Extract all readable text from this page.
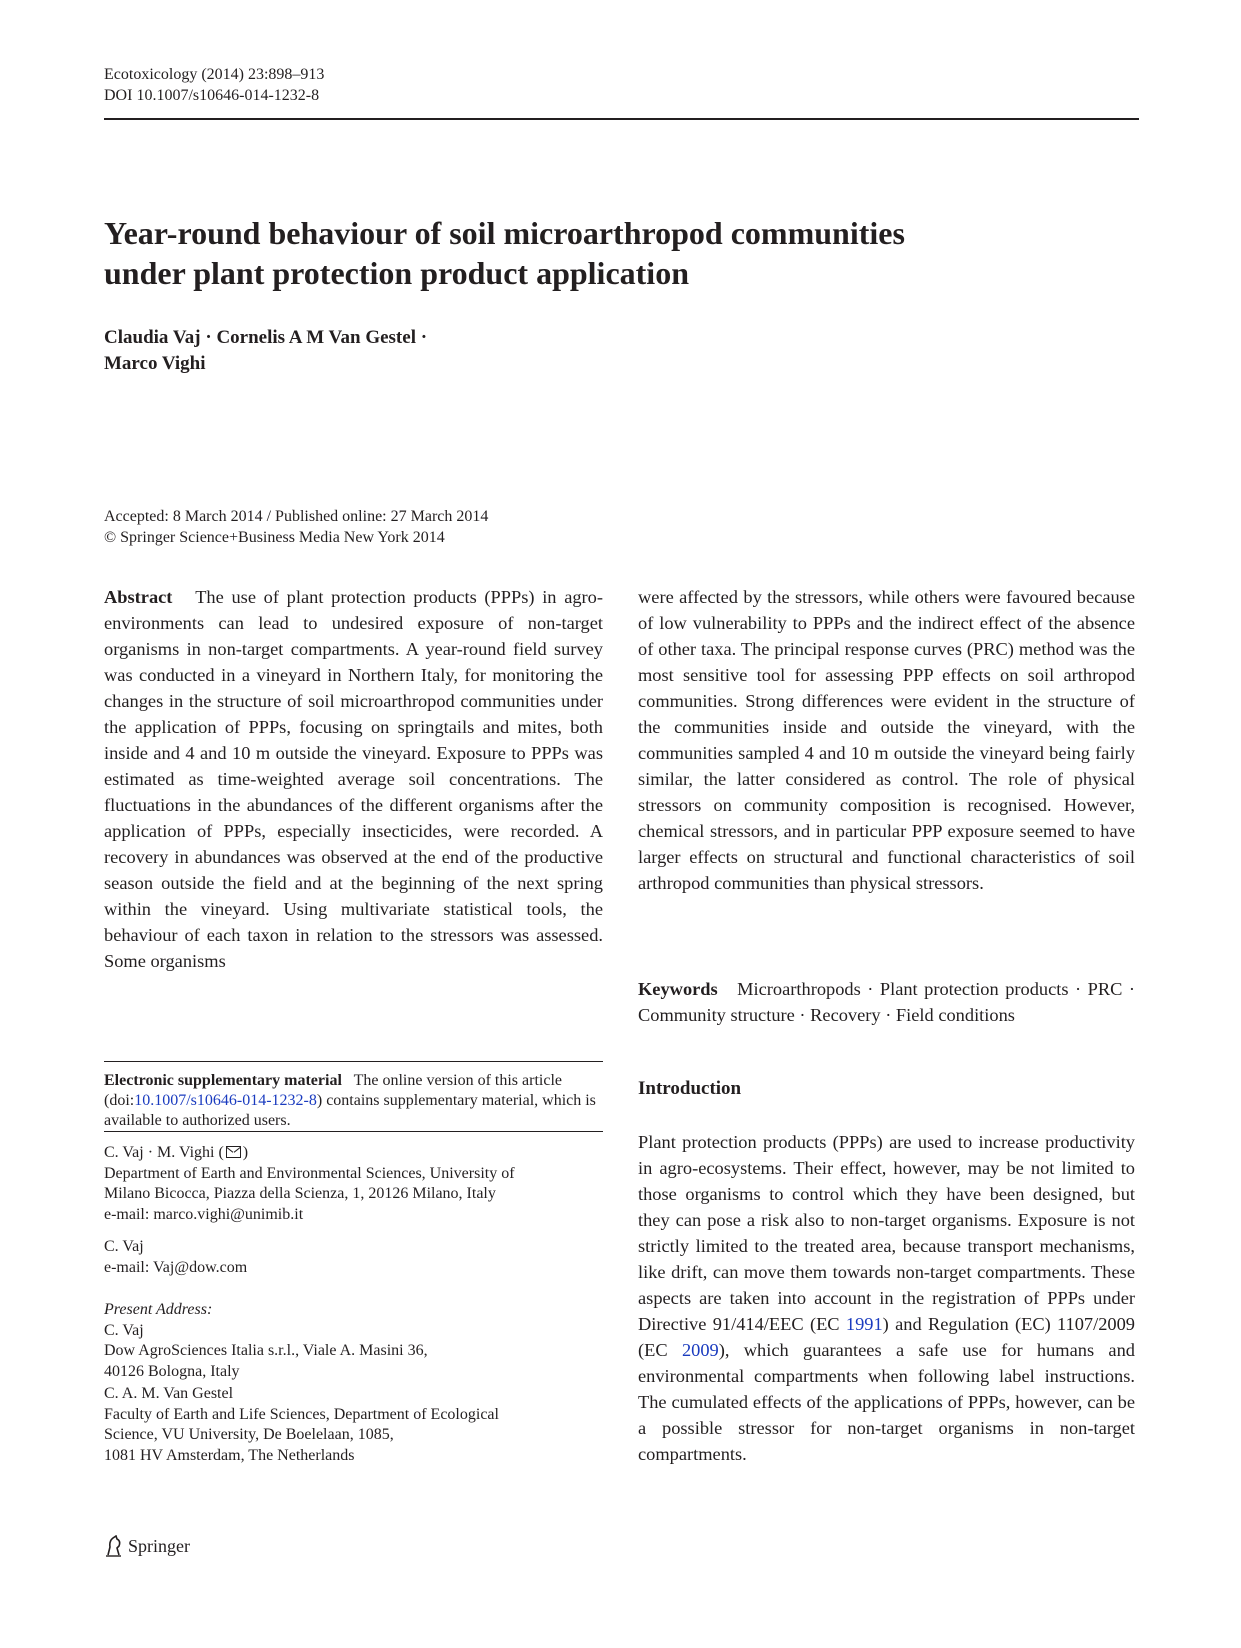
Ecotoxicology (2014) 23:898–913
DOI 10.1007/s10646-014-1232-8
Year-round behaviour of soil microarthropod communities
under plant protection product application
Claudia Vaj · Cornelis A M Van Gestel ·
Marco Vighi
Accepted: 8 March 2014 / Published online: 27 March 2014
© Springer Science+Business Media New York 2014

Abstract The use of plant protection products (PPPs) in agro-environments can lead to undesired exposure of non-target organisms in non-target compartments. A year-round field survey was conducted in a vineyard in Northern Italy, for monitoring the changes in the structure of soil microarthropod communities under the application of PPPs, focusing on springtails and mites, both inside and 4 and 10 m outside the vineyard. Exposure to PPPs was estimated as time-weighted average soil concentrations. The fluctuations in the abundances of the different organisms after the application of PPPs, especially insecticides, were recorded. A recovery in abundances was observed at the end of the productive season outside the field and at the beginning of the next spring within the vineyard. Using multivariate statistical tools, the behaviour of each taxon in relation to the stressors was assessed. Some organisms

were affected by the stressors, while others were favoured because of low vulnerability to PPPs and the indirect effect of the absence of other taxa. The principal response curves (PRC) method was the most sensitive tool for assessing PPP effects on soil arthropod communities. Strong differences were evident in the structure of the communities inside and outside the vineyard, with the communities sampled 4 and 10 m outside the vineyard being fairly similar, the latter considered as control. The role of physical stressors on community composition is recognised. However, chemical stressors, and in particular PPP exposure seemed to have larger effects on structural and functional characteristics of soil arthropod communities than physical stressors.

Keywords Microarthropods · Plant protection products · PRC · Community structure · Recovery · Field conditions

Electronic supplementary material The online version of this article (doi:10.1007/s10646-014-1232-8) contains supplementary material, which is available to authorized users.
C. Vaj · M. Vighi ( )
Department of Earth and Environmental Sciences, University of
Milano Bicocca, Piazza della Scienza, 1, 20126 Milano, Italy
e-mail: marco.vighi@unimib.it
C. Vaj
e-mail: Vaj@dow.com
Present Address:
C. Vaj
Dow AgroSciences Italia s.r.l., Viale A. Masini 36,
40126 Bologna, Italy
C. A. M. Van Gestel
Faculty of Earth and Life Sciences, Department of Ecological
Science, VU University, De Boelelaan, 1085,
1081 HV Amsterdam, The Netherlands
Introduction

Plant protection products (PPPs) are used to increase productivity in agro-ecosystems. Their effect, however, may be not limited to those organisms to control which they have been designed, but they can pose a risk also to non-target organisms. Exposure is not strictly limited to the treated area, because transport mechanisms, like drift, can move them towards non-target compartments. These aspects are taken into account in the registration of PPPs under Directive 91/414/EEC (EC 1991) and Regulation (EC) 1107/2009 (EC 2009), which guarantees a safe use for humans and environmental compartments when following label instructions. The cumulated effects of the applications of PPPs, however, can be a possible stressor for non-target organisms in non-target compartments.

Springer
